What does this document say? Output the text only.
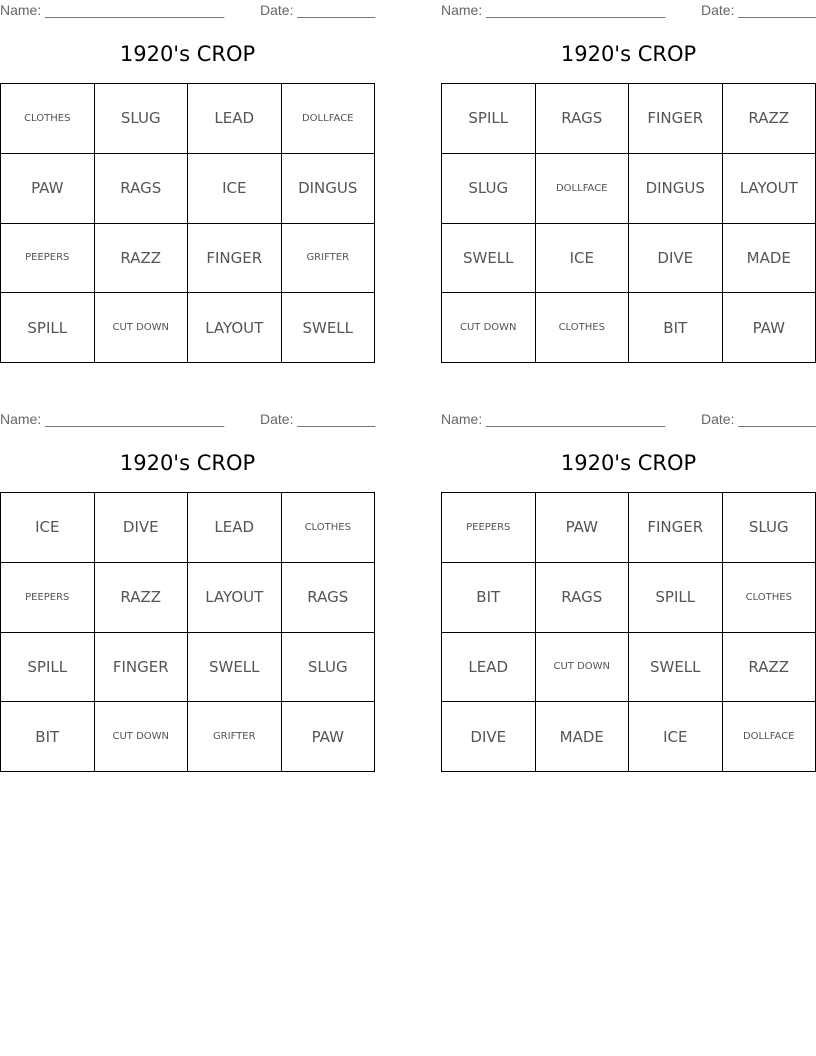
Name: _______________________	Date: __________
1920's CROP
CLOTHES	SLUG	LEAD	DOLLFACE
PAW	RAGS	ICE	DINGUS
PEEPERS	RAZZ	FINGER	GRIFTER
SPILL	CUT DOWN	LAYOUT	SWELL
Name: _______________________	Date: __________
1920's CROP
SPILL	RAGS	FINGER	RAZZ
SLUG	DOLLFACE	DINGUS	LAYOUT
SWELL	ICE	DIVE	MADE
CUT DOWN	CLOTHES	BIT	PAW
Name: _______________________	Date: __________
1920's CROP
ICE	DIVE	LEAD	CLOTHES
PEEPERS	RAZZ	LAYOUT	RAGS
SPILL	FINGER	SWELL	SLUG
BIT	CUT DOWN	GRIFTER	PAW
Name: _______________________	Date: __________
1920's CROP
PEEPERS	PAW	FINGER	SLUG
BIT	RAGS	SPILL	CLOTHES
LEAD	CUT DOWN	SWELL	RAZZ
DIVE	MADE	ICE	DOLLFACE
